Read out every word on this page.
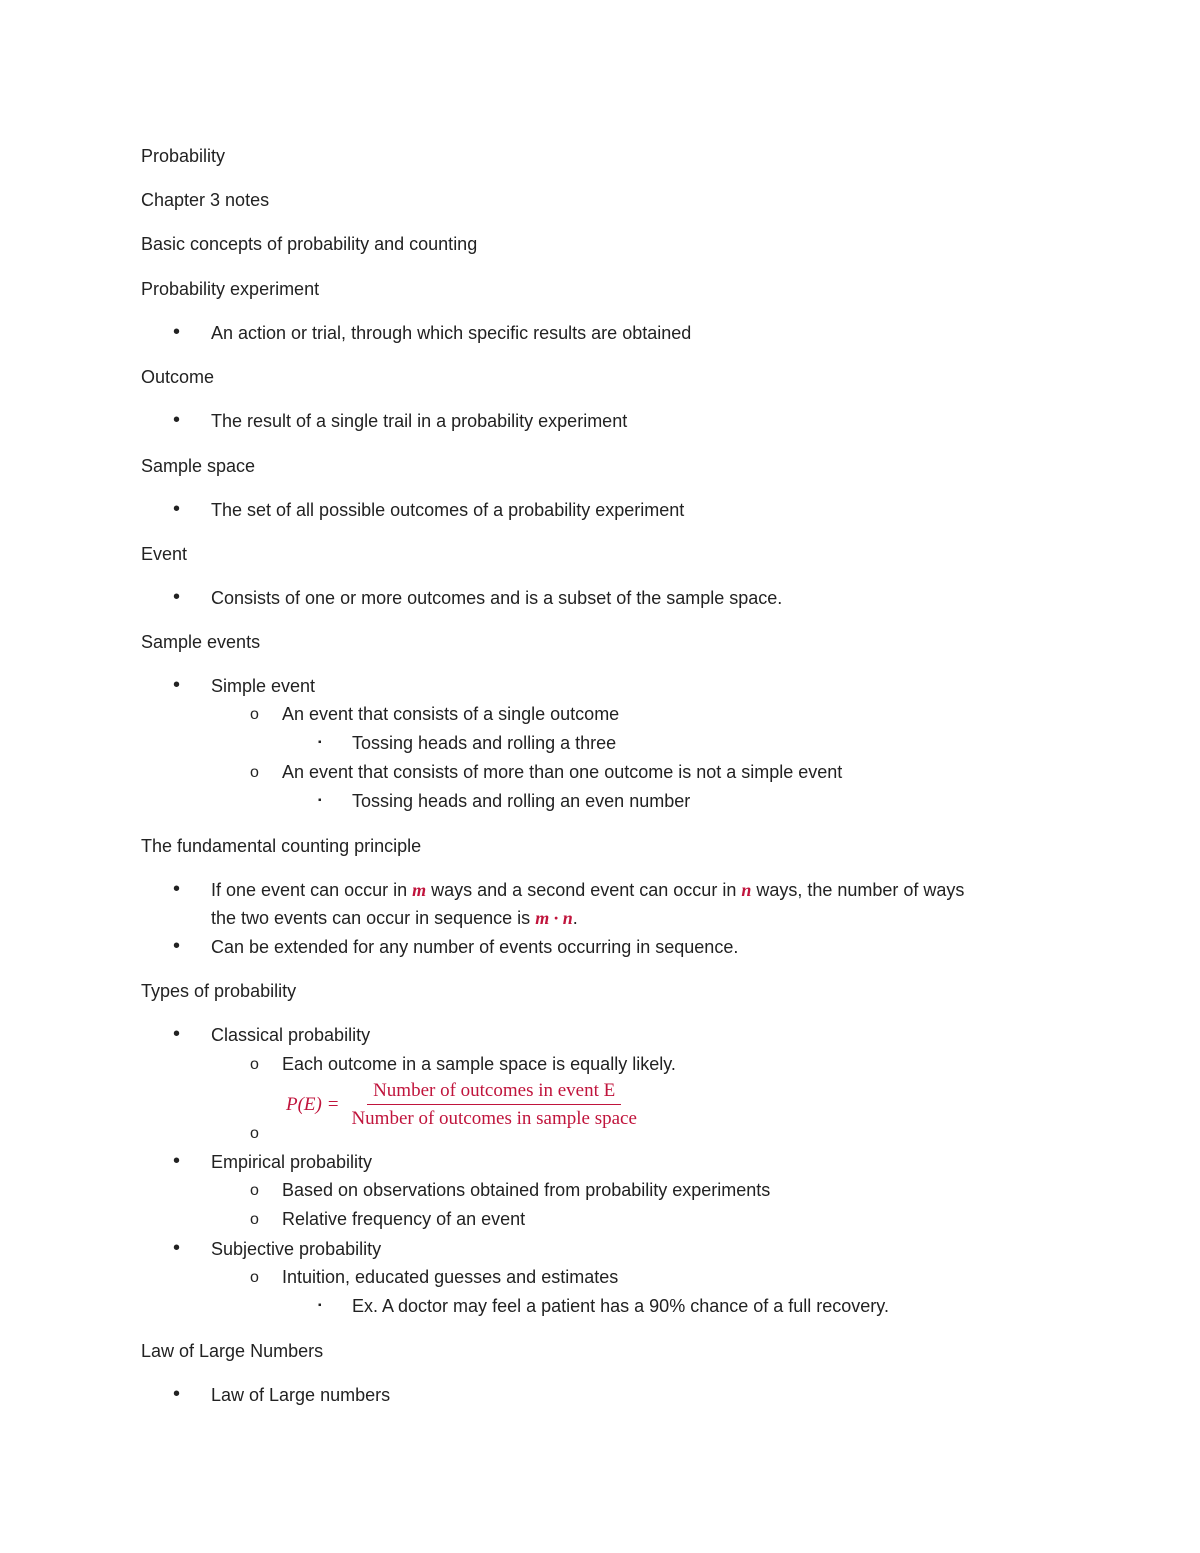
Probability
Chapter 3 notes
Basic concepts of probability and counting
Probability experiment
• An action or trial, through which specific results are obtained
Outcome
• The result of a single trail in a probability experiment
Sample space
• The set of all possible outcomes of a probability experiment
Event
• Consists of one or more outcomes and is a subset of the sample space.
Sample events
• Simple event
o An event that consists of a single outcome
▪ Tossing heads and rolling a three
o An event that consists of more than one outcome is not a simple event
▪ Tossing heads and rolling an even number
The fundamental counting principle
• If one event can occur in m ways and a second event can occur in n ways, the number of ways
the two events can occur in sequence is m · n.
• Can be extended for any number of events occurring in sequence.
Types of probability
• Classical probability
o Each outcome in a sample space is equally likely.
$P(E) = \frac{\text{Number of outcomes in event E}}{\text{Number of outcomes in sample space}}$
o
• Empirical probability
o Based on observations obtained from probability experiments
o Relative frequency of an event
• Subjective probability
o Intuition, educated guesses and estimates
▪ Ex. A doctor may feel a patient has a 90% chance of a full recovery.
Law of Large Numbers
• Law of Large numbers
